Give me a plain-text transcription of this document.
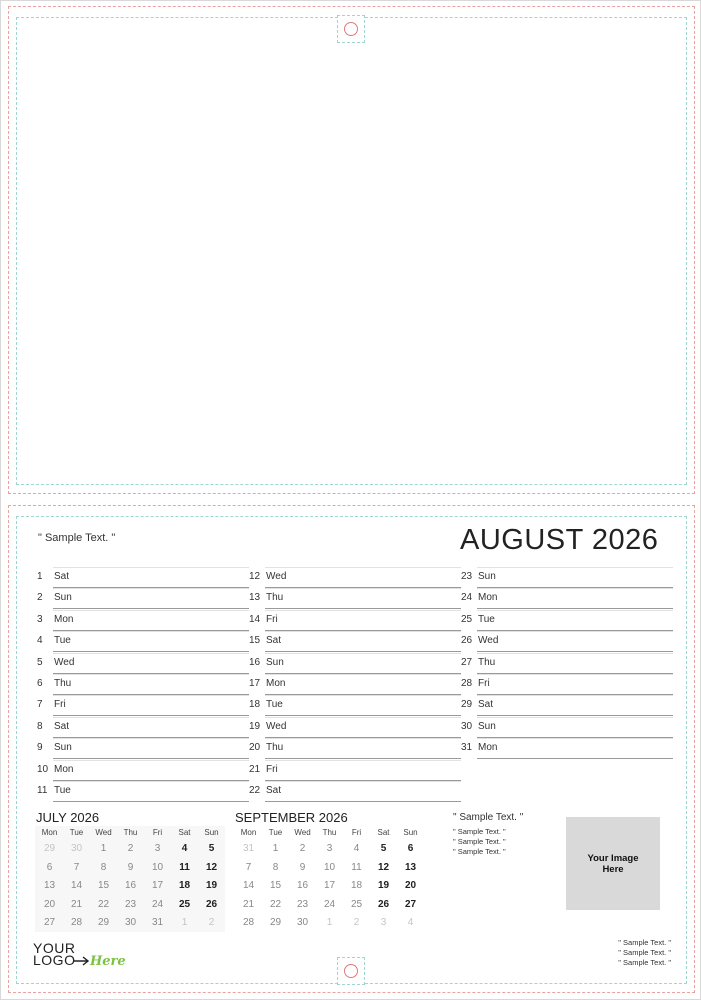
" Sample Text. "	AUGUST 2026
1 Sat
2 Sun
3 Mon
4 Tue
5 Wed
6 Thu
7 Fri
8 Sat
9 Sun
10 Mon
11 Tue
12 Wed
13 Thu
14 Fri
15 Sat
16 Sun
17 Mon
18 Tue
19 Wed
20 Thu
21 Fri
22 Sat
23 Sun
24 Mon
25 Tue
26 Wed
27 Thu
28 Fri
29 Sat
30 Sun
31 Mon
JULY 2026
Mon	Tue	Wed	Thu	Fri	Sat	Sun
29	30	1	2	3	4	5
6	7	8	9	10	11	12
13	14	15	16	17	18	19
20	21	22	23	24	25	26
27	28	29	30	31	1	2
SEPTEMBER 2026
Mon	Tue	Wed	Thu	Fri	Sat	Sun
31	1	2	3	4	5	6
7	8	9	10	11	12	13
14	15	16	17	18	19	20
21	22	23	24	25	26	27
28	29	30	1	2	3	4
" Sample Text. "
" Sample Text. "
" Sample Text. "
" Sample Text. "
Your Image Here
YOUR
LOGO Here
" Sample Text. "
" Sample Text. "
" Sample Text. "
